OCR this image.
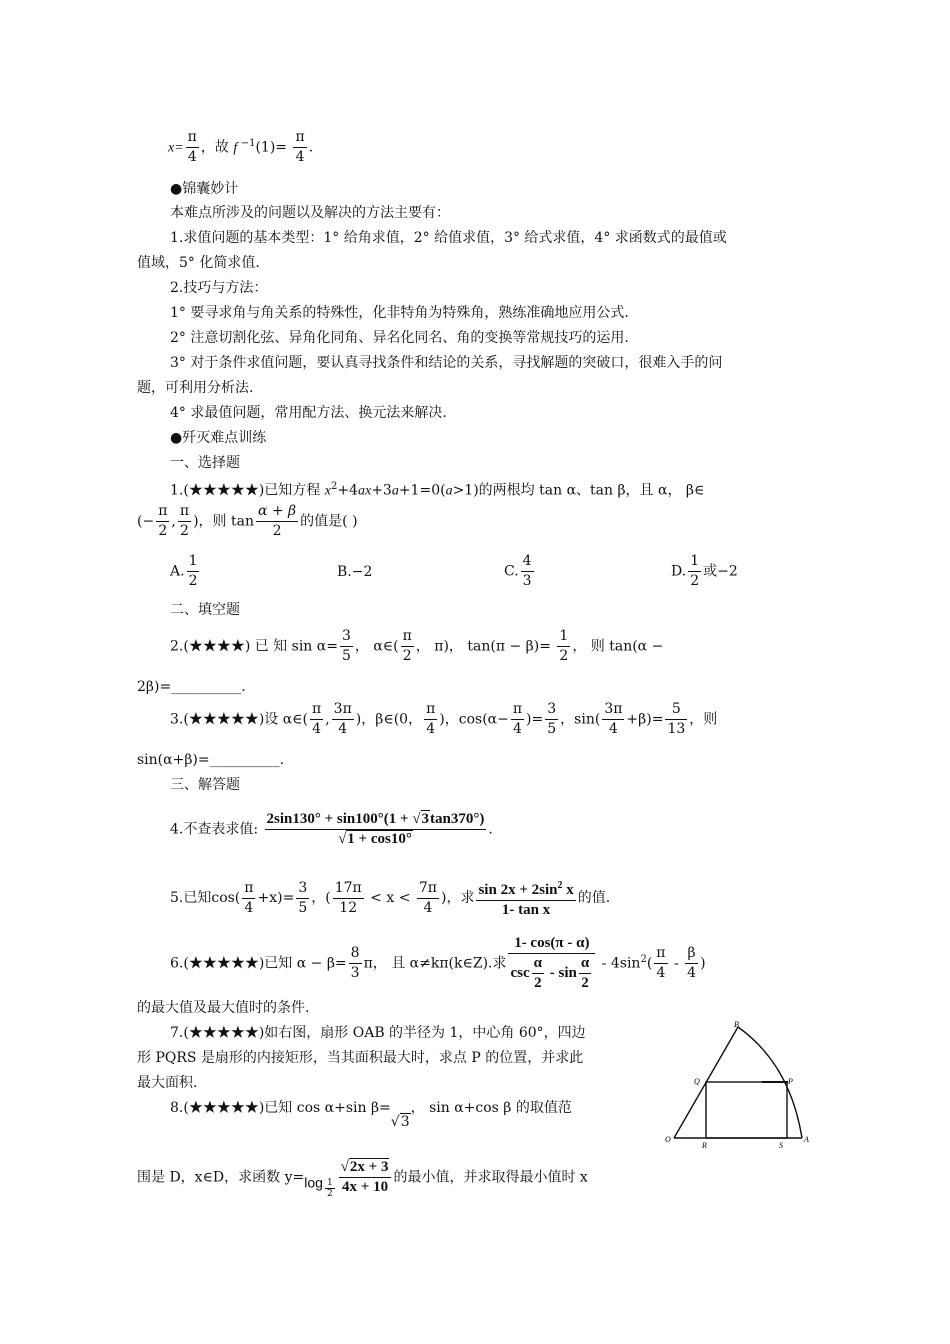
$x= \frac{\pi}{4}$ ，故 f $^{-1}(1)= \frac{\pi}{4}$ .
●锦囊妙计
本难点所涉及的问题以及解决的方法主要有：
1.求值问题的基本类型：1° 给角求值，2° 给值求值，3° 给式求值，4° 求函数式的最值或
值域，5° 化简求值.
2.技巧与方法：
1° 要寻求角与角关系的特殊性，化非特角为特殊角，熟练准确地应用公式.
2° 注意切割化弦、异角化同角、异名化同名、角的变换等常规技巧的运用.
3° 对于条件求值问题，要认真寻找条件和结论的关系，寻找解题的突破口，很难入手的问
题，可利用分析法.
4° 求最值问题，常用配方法、换元法来解决.
●歼灭难点训练
一、选择题
1.(★★★★★)已知方程 $x^2+4ax+3a+1=0(a>1)$的两根均 tan α、tan β，且 α， β∈
(− $\frac{\pi}{2}$ , $\frac{\pi}{2}$ )，则 $\tan \frac{\alpha + \beta}{2}$ 的值是( )
A. $\frac{1}{2}$	B.−2	C. $\frac{4}{3}$	D. $\frac{1}{2}$ 或−2
二、填空题
2.(★★★★) 已 知 $\sin \alpha= \frac{3}{5}$ ， α∈( $\frac{\pi}{2}$ ， π)， $\tan(\pi - \beta)= \frac{1}{2}$ ， 则 tan(α −
2β)=__________.
3.(★★★★★)设 α∈( $\frac{\pi}{4}$ , $\frac{3\pi}{4}$ )，β∈(0， $\frac{\pi}{4}$ )，$\cos(\alpha- \frac{\pi}{4}$ )= $\frac{3}{5}$ ，$\sin( \frac{3\pi}{4} +\beta)= \frac{5}{13}$ ，则
sin(α+β)=__________.
三、解答题
4.不查表求值: $\frac{2\sin 130^\circ + \sin 100^\circ(1 + √3\tan 370^\circ)}{√1 + \cos 10^\circ}$ .
5.已知$\cos( \frac{\pi}{4} +x)= \frac{3}{5}$ ，( $\frac{17\pi}{12} < x < \frac{7\pi}{4}$ )，求 $\frac{\sin 2x + 2\sin^2 x}{\text{1- tan x}}$ 的值.
6.(★★★★★)已知 $\alpha - \beta= \frac{8}{3}$ π， 且 α≠kπ(k∈Z).求 $\frac{1- \cos(\pi - \alpha)}{\csc \frac{\alpha}{2} - \sin \frac{\alpha}{2}} - 4\sin^2( \frac{\pi}{4} - \frac{\beta}{4}$ )
的最大值及最大值时的条件.
7.(★★★★★)如右图，扇形 OAB 的半径为 1，中心角 60°，四边
形 PQRS 是扇形的内接矩形，当其面积最大时，求点 P 的位置，并求此
最大面积.
8.(★★★★★)已知 cos α+sin β=√3， sin α+cos β 的取值范
围是 D，x∈D，求函数 $y=\log \frac{1}{2} \frac{√2x + 3}{4x + 10}$ 的最小值，并求取得最小值时 x
B
Q	P
O
R	S
A
